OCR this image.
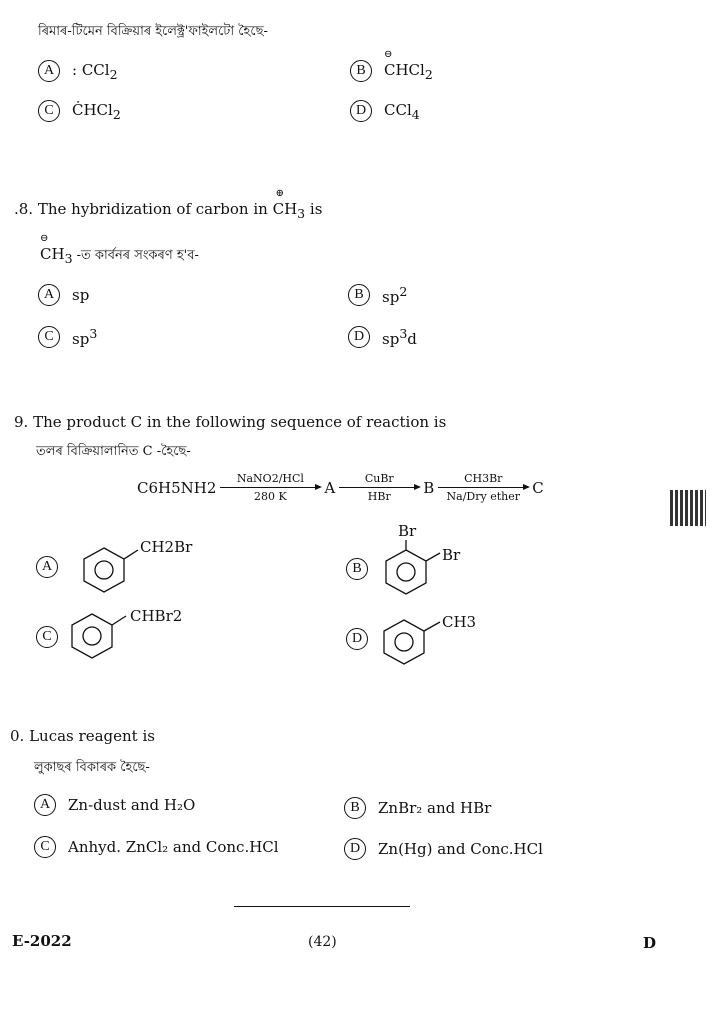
ৰিমাৰ-টিমেন বিক্ৰিয়াৰ ইলেক্ট্ৰ'ফাইলটো হৈছে-
A	: CCl$_2$	B
⊖
CHCl$_2$
C	ĊHCl$_2$	D	CCl$_4$
.8. The hybridization of carbon in
⊕
$CH_3$ is
⊖
$CH_3$ -ত কাৰ্বনৰ সংকৰণ হ'ব-
A	sp	B	$sp^2$
C	$sp^3$	D	$sp^3d$
9. The product C in the following sequence of reaction is
তলৰ বিক্ৰিয়ালানিত C -হৈছে-
C6H5NH2 NaNO2/HCl
280 K	A	CuBr
HBr B	CH3Br
Na/Dry ether C
A
CH2Br
B
Br
Br
C
CHBr2
D
CH3
0. Lucas reagent is
লুকাছৰ বিকাৰক হৈছে-
A	Zn-dust and H₂O	B	ZnBr₂ and HBr
C	Anhyd. ZnCl₂ and Conc.HCl	D	Zn(Hg) and Conc.HCl
E-2022	(42)	D
